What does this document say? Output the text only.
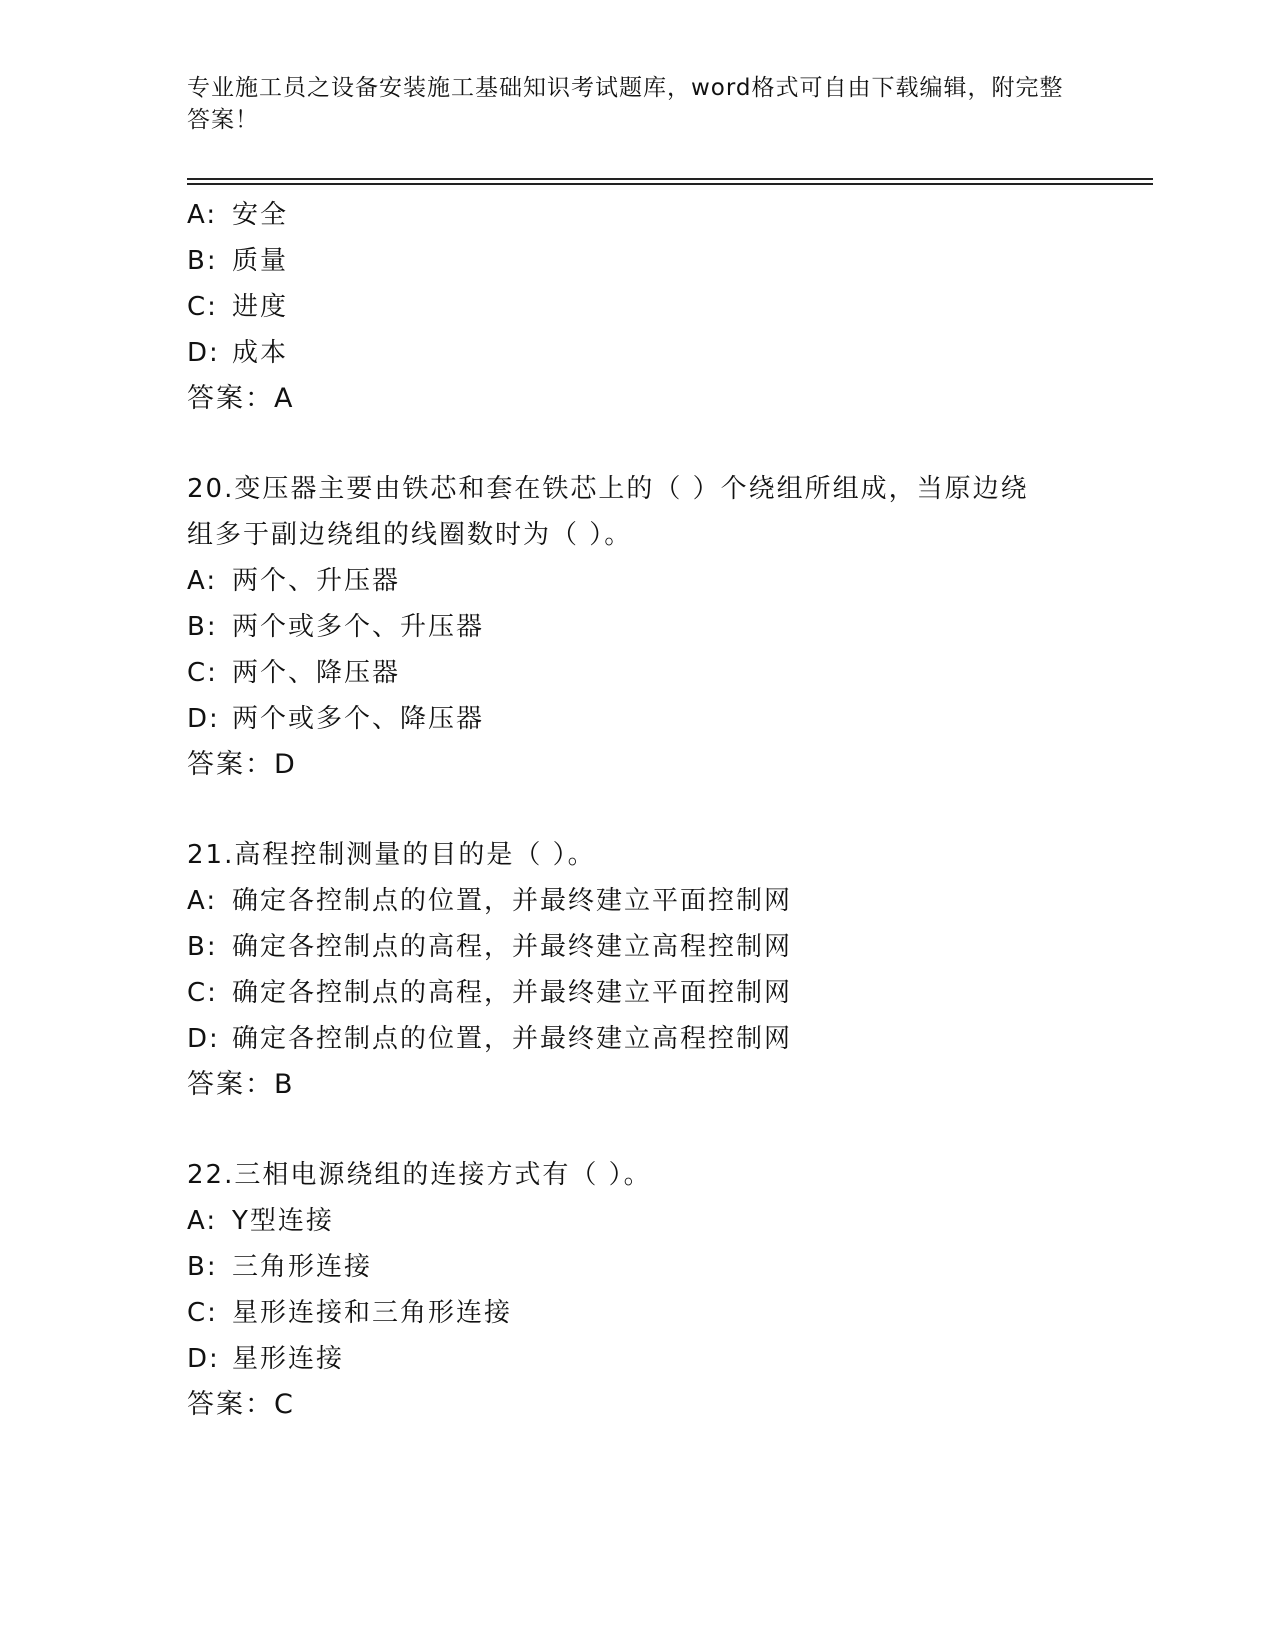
专业施工员之设备安装施工基础知识考试题库，word格式可自由下载编辑，附完整答案！

A: 安全
B: 质量
C: 进度
D: 成本
答案：A
20.变压器主要由铁芯和套在铁芯上的（ ）个绕组所组成，当原边绕
组多于副边绕组的线圈数时为（ ）。
A: 两个、升压器
B: 两个或多个、升压器
C: 两个、降压器
D: 两个或多个、降压器
答案：D
21.高程控制测量的目的是（ ）。
A: 确定各控制点的位置，并最终建立平面控制网
B: 确定各控制点的高程，并最终建立高程控制网
C: 确定各控制点的高程，并最终建立平面控制网
D: 确定各控制点的位置，并最终建立高程控制网
答案：B
22.三相电源绕组的连接方式有（ ）。
A: Y型连接
B: 三角形连接
C: 星形连接和三角形连接
D: 星形连接
答案：C
